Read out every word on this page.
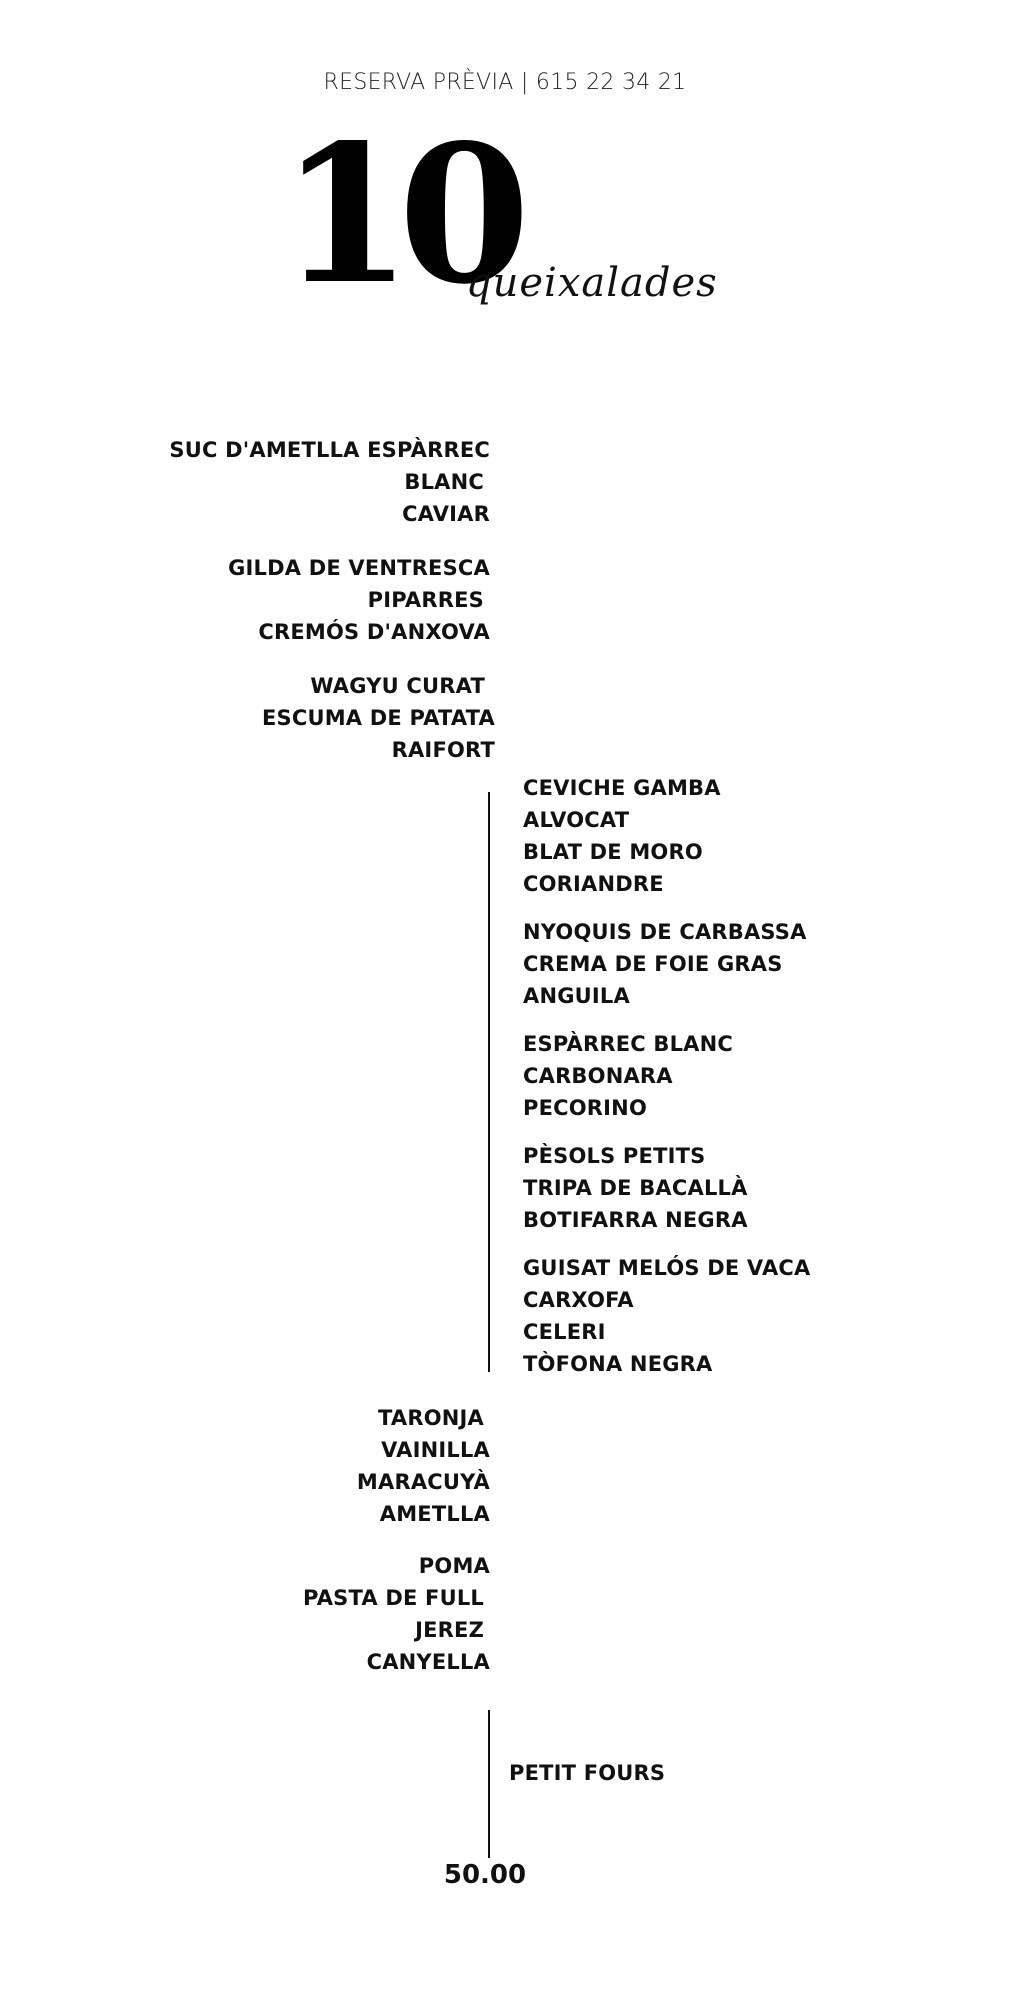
RESERVA PRÈVIA | 615 22 34 21
10
queixalades
SUC D'AMETLLA ESPÀRREC
BLANC
CAVIAR
GILDA DE VENTRESCA
PIPARRES
CREMÓS D'ANXOVA
WAGYU CURAT
ESCUMA DE PATATA
RAIFORT
CEVICHE GAMBA
ALVOCAT
BLAT DE MORO
CORIANDRE
NYOQUIS DE CARBASSA
CREMA DE FOIE GRAS
ANGUILA
ESPÀRREC BLANC
CARBONARA
PECORINO
PÈSOLS PETITS
TRIPA DE BACALLÀ
BOTIFARRA NEGRA
GUISAT MELÓS DE VACA
CARXOFA
CELERI
TÒFONA NEGRA
TARONJA
VAINILLA
MARACUYÀ
AMETLLA
POMA
PASTA DE FULL
JEREZ
CANYELLA
PETIT FOURS
50.00
